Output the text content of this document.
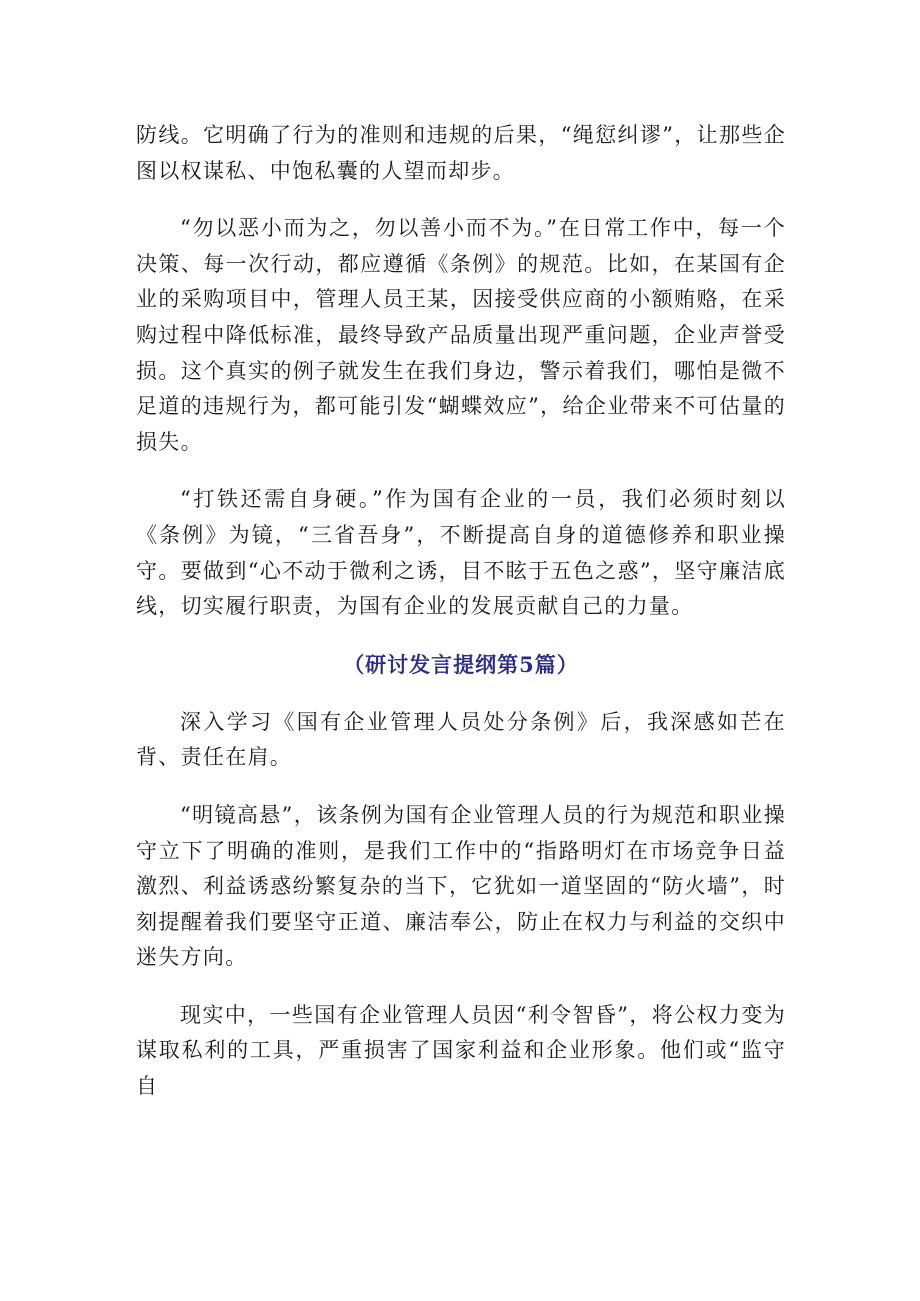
防线。它明确了行为的准则和违规的后果，“绳愆纠谬”，让那些企图以权谋私、中饱私囊的人望而却步。

“勿以恶小而为之，勿以善小而不为。”在日常工作中，每一个决策、每一次行动，都应遵循《条例》的规范。比如，在某国有企业的采购项目中，管理人员王某，因接受供应商的小额贿赂，在采购过程中降低标准，最终导致产品质量出现严重问题，企业声誉受损。这个真实的例子就发生在我们身边，警示着我们，哪怕是微不足道的违规行为，都可能引发“蝴蝶效应”，给企业带来不可估量的损失。

“打铁还需自身硬。”作为国有企业的一员，我们必须时刻以《条例》为镜，“三省吾身”，不断提高自身的道德修养和职业操守。要做到“心不动于微利之诱，目不眩于五色之惑”，坚守廉洁底线，切实履行职责，为国有企业的发展贡献自己的力量。

（研讨发言提纲第5篇）

深入学习《国有企业管理人员处分条例》后，我深感如芒在背、责任在肩。

“明镜高悬”，该条例为国有企业管理人员的行为规范和职业操守立下了明确的准则，是我们工作中的“指路明灯在市场竞争日益激烈、利益诱惑纷繁复杂的当下，它犹如一道坚固的“防火墙”，时刻提醒着我们要坚守正道、廉洁奉公，防止在权力与利益的交织中迷失方向。

现实中，一些国有企业管理人员因“利令智昏”，将公权力变为谋取私利的工具，严重损害了国家利益和企业形象。他们或“监守自
